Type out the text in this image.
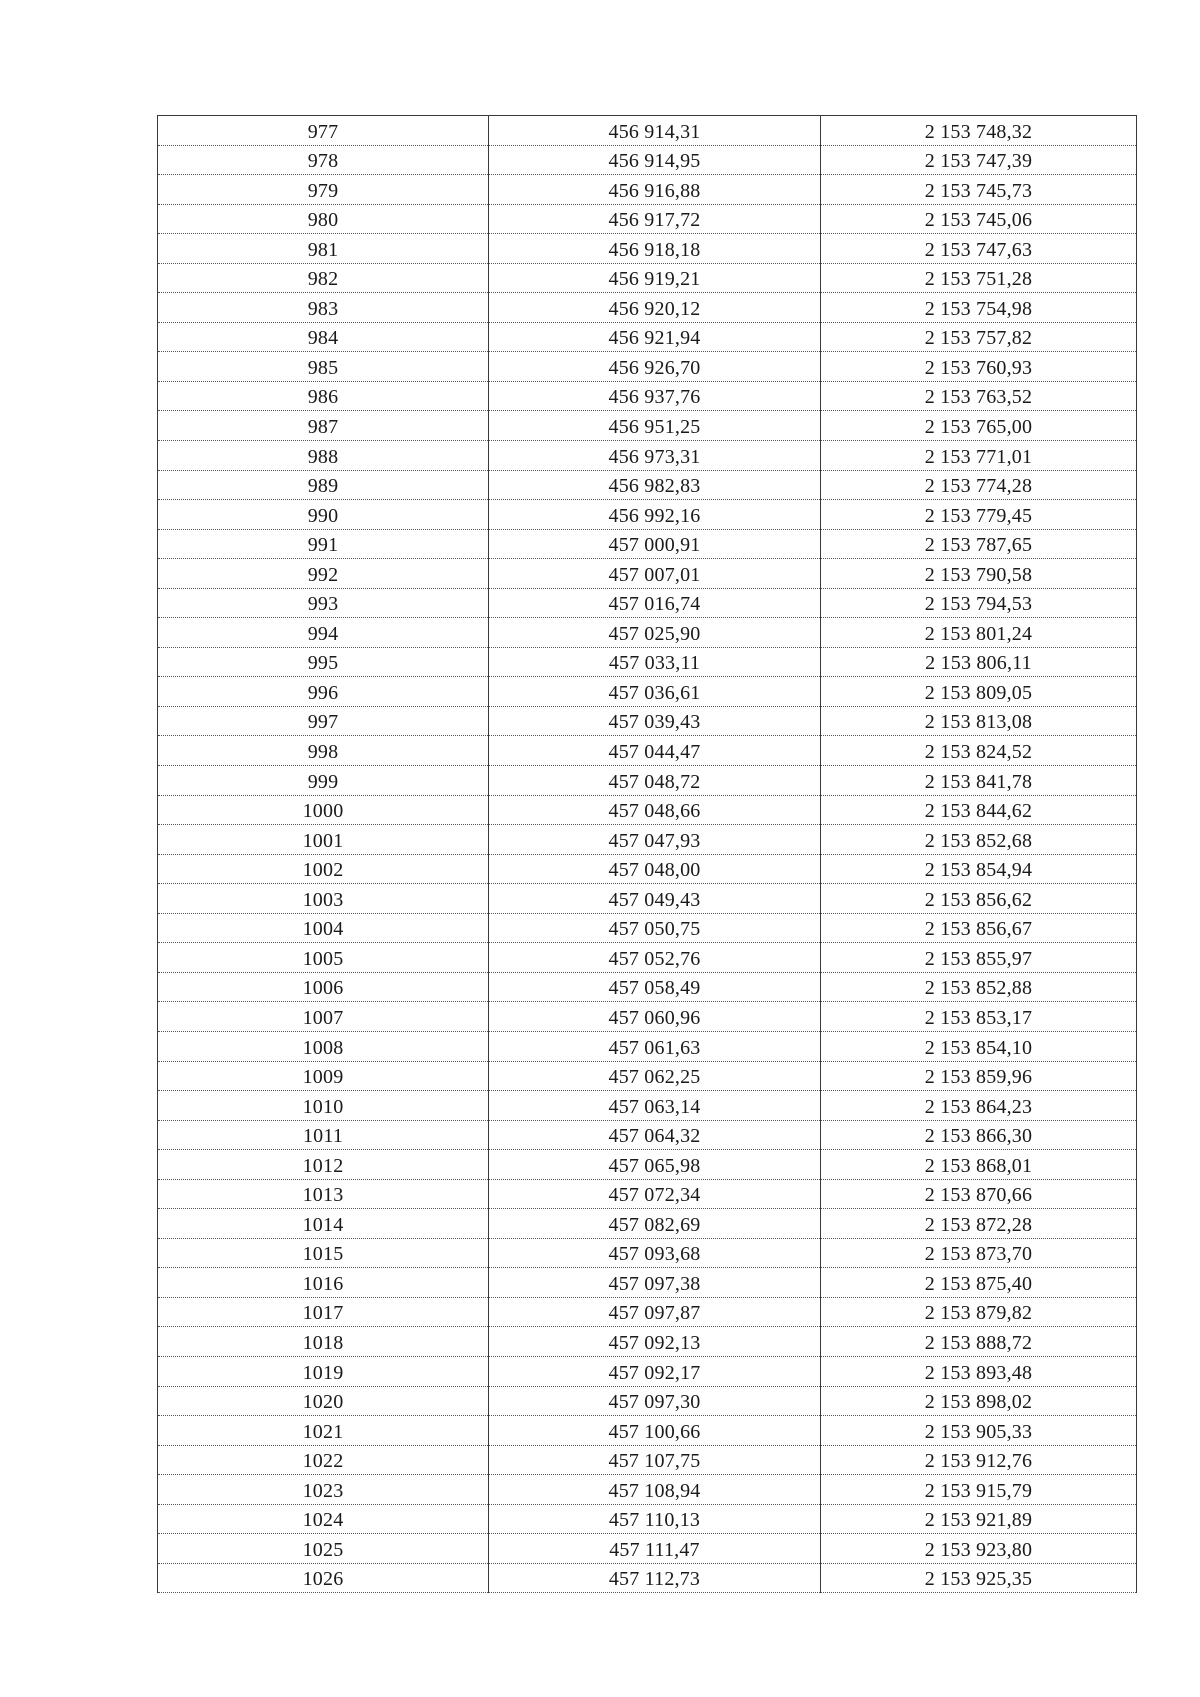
977	456 914,31	2 153 748,32
978	456 914,95	2 153 747,39
979	456 916,88	2 153 745,73
980	456 917,72	2 153 745,06
981	456 918,18	2 153 747,63
982	456 919,21	2 153 751,28
983	456 920,12	2 153 754,98
984	456 921,94	2 153 757,82
985	456 926,70	2 153 760,93
986	456 937,76	2 153 763,52
987	456 951,25	2 153 765,00
988	456 973,31	2 153 771,01
989	456 982,83	2 153 774,28
990	456 992,16	2 153 779,45
991	457 000,91	2 153 787,65
992	457 007,01	2 153 790,58
993	457 016,74	2 153 794,53
994	457 025,90	2 153 801,24
995	457 033,11	2 153 806,11
996	457 036,61	2 153 809,05
997	457 039,43	2 153 813,08
998	457 044,47	2 153 824,52
999	457 048,72	2 153 841,78
1000	457 048,66	2 153 844,62
1001	457 047,93	2 153 852,68
1002	457 048,00	2 153 854,94
1003	457 049,43	2 153 856,62
1004	457 050,75	2 153 856,67
1005	457 052,76	2 153 855,97
1006	457 058,49	2 153 852,88
1007	457 060,96	2 153 853,17
1008	457 061,63	2 153 854,10
1009	457 062,25	2 153 859,96
1010	457 063,14	2 153 864,23
1011	457 064,32	2 153 866,30
1012	457 065,98	2 153 868,01
1013	457 072,34	2 153 870,66
1014	457 082,69	2 153 872,28
1015	457 093,68	2 153 873,70
1016	457 097,38	2 153 875,40
1017	457 097,87	2 153 879,82
1018	457 092,13	2 153 888,72
1019	457 092,17	2 153 893,48
1020	457 097,30	2 153 898,02
1021	457 100,66	2 153 905,33
1022	457 107,75	2 153 912,76
1023	457 108,94	2 153 915,79
1024	457 110,13	2 153 921,89
1025	457 111,47	2 153 923,80
1026	457 112,73	2 153 925,35
